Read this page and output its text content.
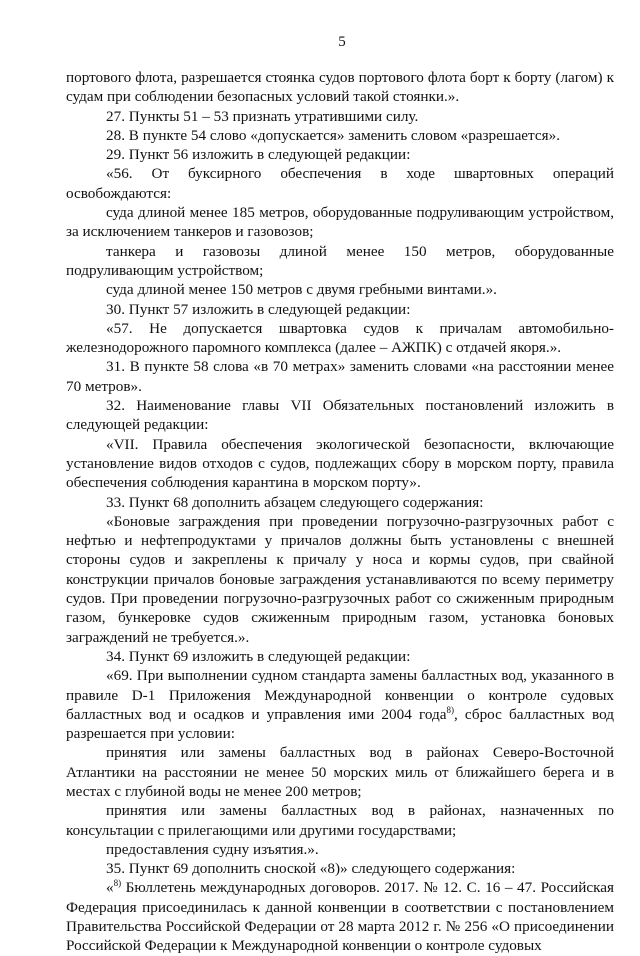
5

портового флота, разрешается стоянка судов портового флота борт к борту (лагом) к судам при соблюдении безопасных условий такой стоянки.».

27. Пункты 51 – 53 признать утратившими силу.

28. В пункте 54 слово «допускается» заменить словом «разрешается».

29. Пункт 56 изложить в следующей редакции:

«56. От буксирного обеспечения в ходе швартовных операций освобождаются:

суда длиной менее 185 метров, оборудованные подруливающим устройством, за исключением танкеров и газовозов;

танкера и газовозы длиной менее 150 метров, оборудованные подруливающим устройством;

суда длиной менее 150 метров с двумя гребными винтами.».

30. Пункт 57 изложить в следующей редакции:

«57. Не допускается швартовка судов к причалам автомобильно-железнодорожного паромного комплекса (далее – АЖПК) с отдачей якоря.».

31. В пункте 58 слова «в 70 метрах» заменить словами «на расстоянии менее 70 метров».

32. Наименование главы VII Обязательных постановлений изложить в следующей редакции:

«VII. Правила обеспечения экологической безопасности, включающие установление видов отходов с судов, подлежащих сбору в морском порту, правила обеспечения соблюдения карантина в морском порту».

33. Пункт 68 дополнить абзацем следующего содержания:

«Боновые заграждения при проведении погрузочно-разгрузочных работ с нефтью и нефтепродуктами у причалов должны быть установлены с внешней стороны судов и закреплены к причалу у носа и кормы судов, при свайной конструкции причалов боновые заграждения устанавливаются по всему периметру судов. При проведении погрузочно-разгрузочных работ со сжиженным природным газом, бункеровке судов сжиженным природным газом, установка боновых заграждений не требуется.».

34. Пункт 69 изложить в следующей редакции:

«69. При выполнении судном стандарта замены балластных вод, указанного в правиле D-1 Приложения Международной конвенции о контроле судовых балластных вод и осадков и управления ими 2004 года$^{8)}$, сброс балластных вод разрешается при условии:

принятия или замены балластных вод в районах Северо-Восточной Атлантики на расстоянии не менее 50 морских миль от ближайшего берега и в местах с глубиной воды не менее 200 метров;

принятия или замены балластных вод в районах, назначенных по консультации с прилегающими или другими государствами;

предоставления судну изъятия.».

35. Пункт 69 дополнить сноской «8)» следующего содержания:

«$^{8)}$ Бюллетень международных договоров. 2017. № 12. С. 16 – 47. Российская Федерация присоединилась к данной конвенции в соответствии с постановлением Правительства Российской Федерации от 28 марта 2012 г. № 256 «О присоединении Российской Федерации к Международной конвенции о контроле судовых
